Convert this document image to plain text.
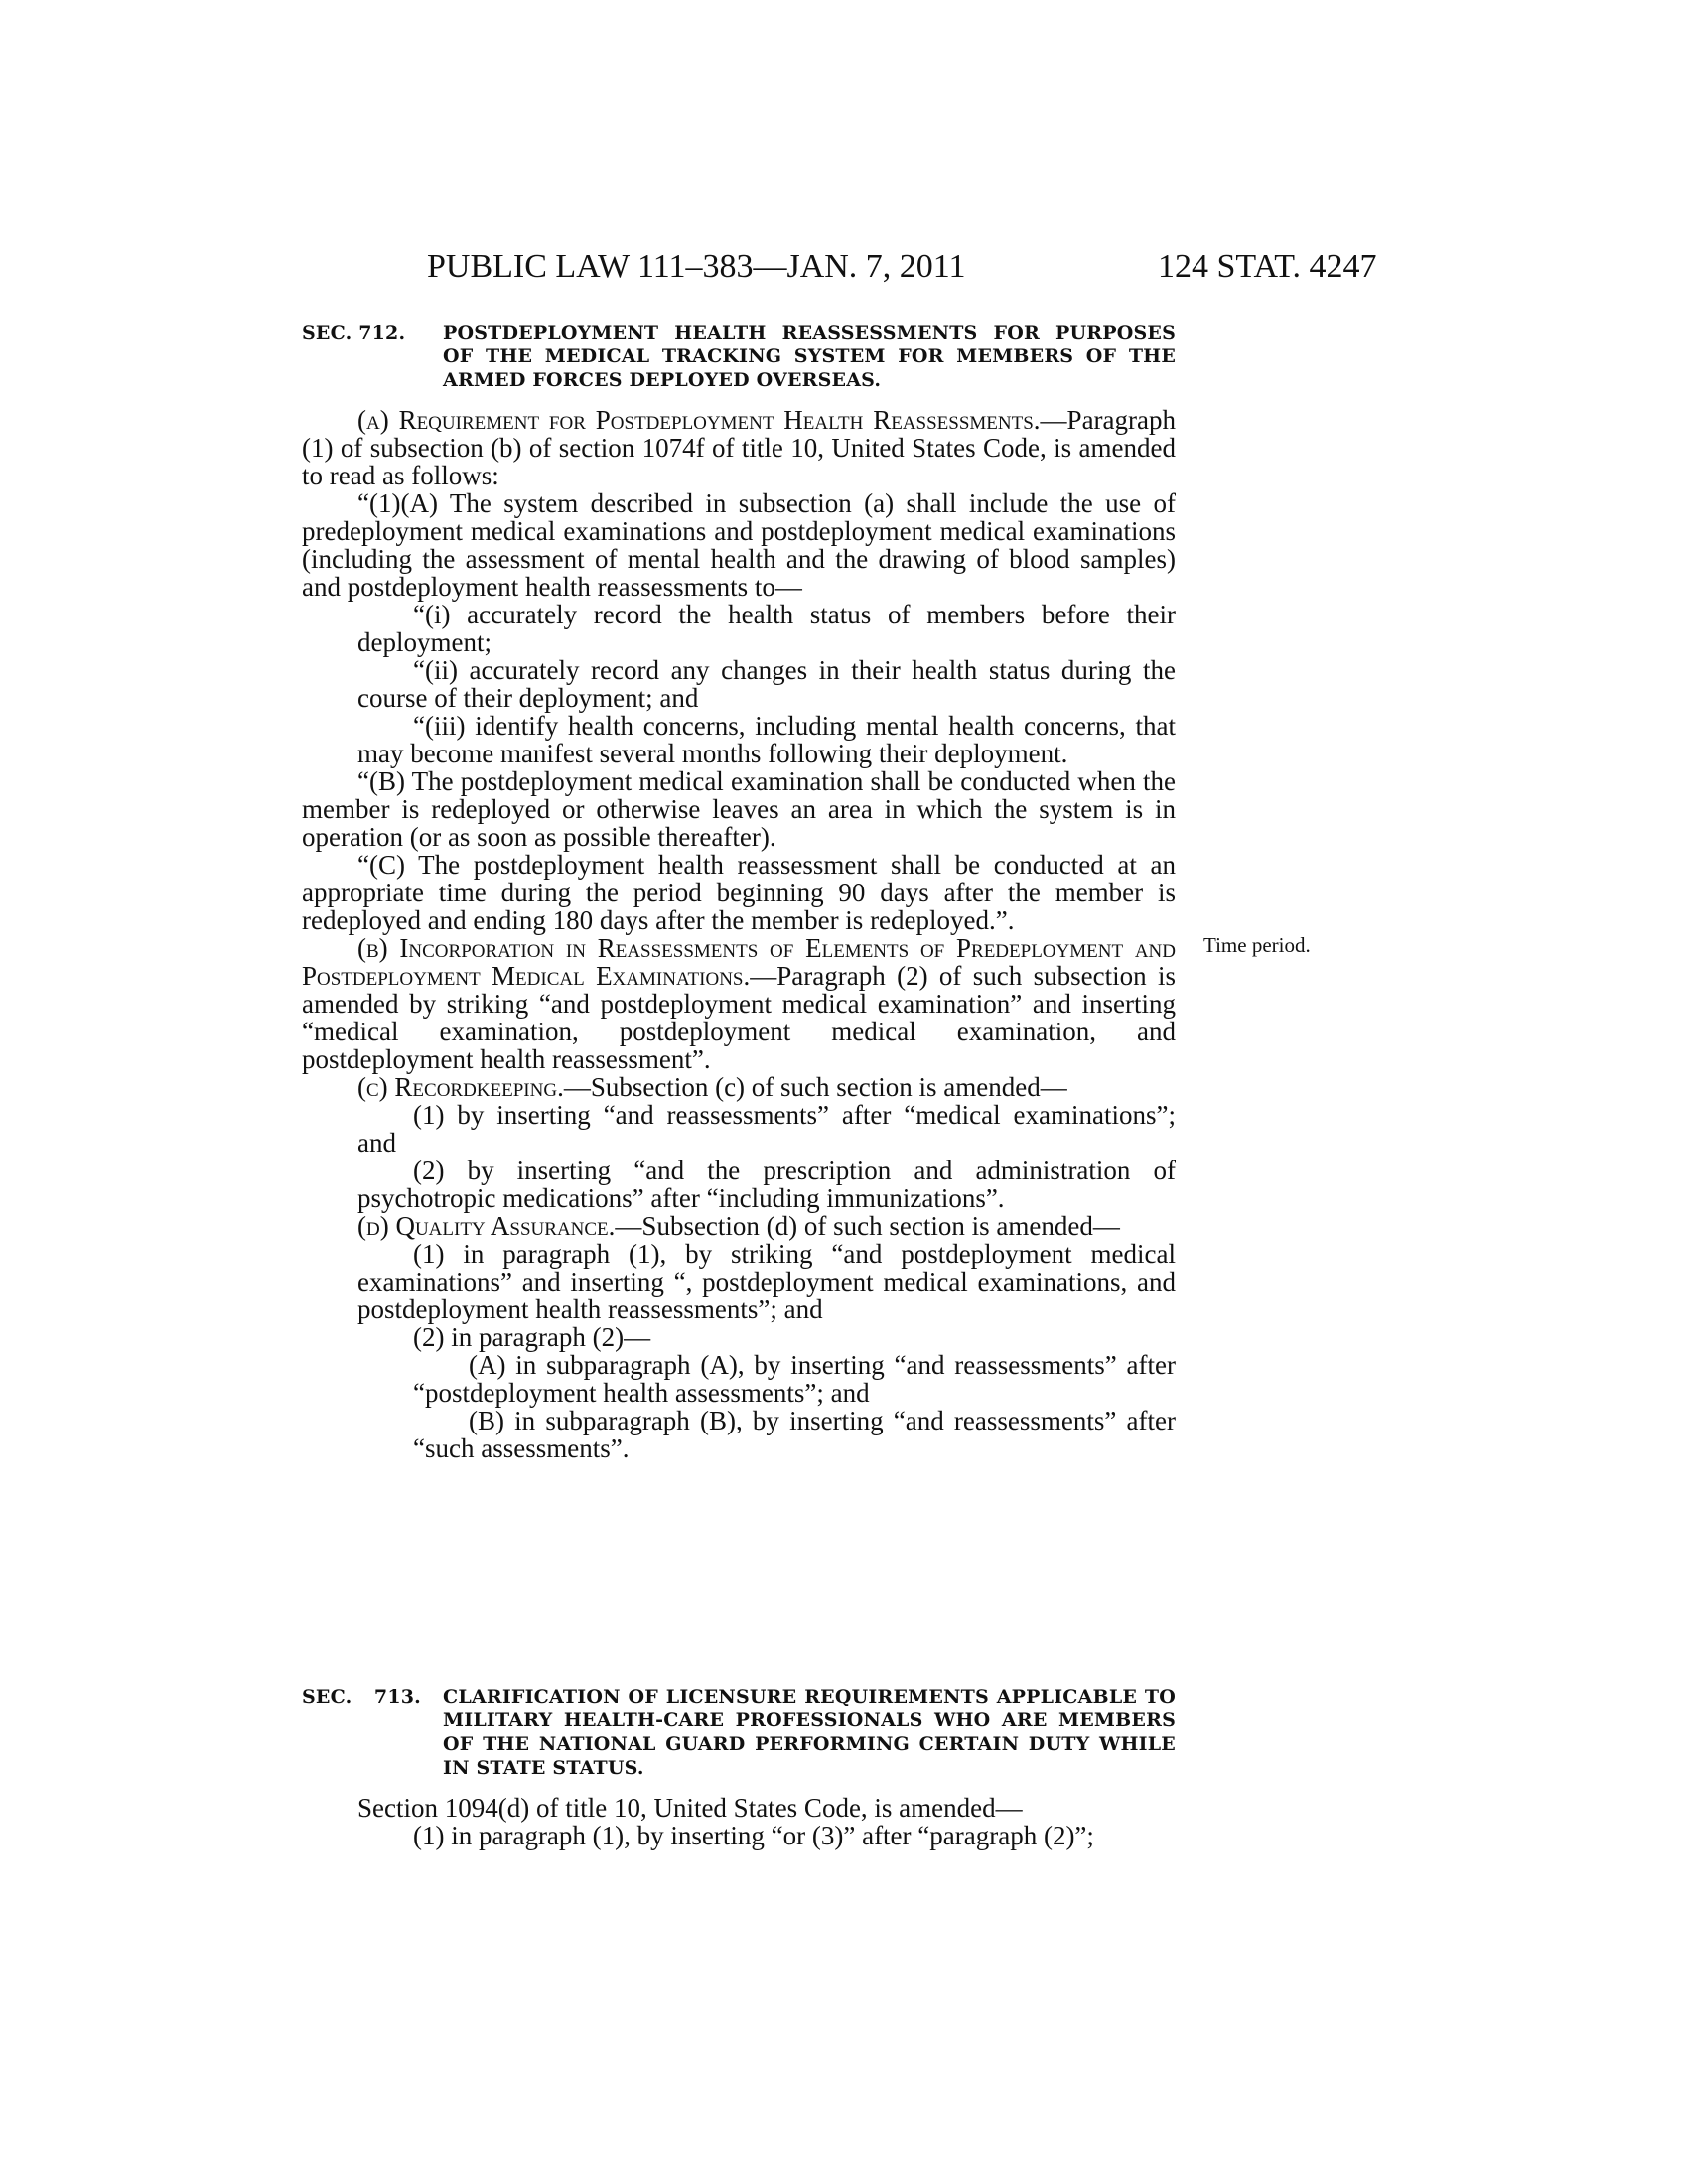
PUBLIC LAW 111–383—JAN. 7, 2011	124 STAT. 4247
SEC. 712.	POSTDEPLOYMENT HEALTH REASSESSMENTS FOR PURPOSES OF THE MEDICAL TRACKING SYSTEM FOR MEMBERS OF THE ARMED FORCES DEPLOYED OVERSEAS.

(a) Requirement for Postdeployment Health Reassessments.—Paragraph (1) of subsection (b) of section 1074f of title 10, United States Code, is amended to read as follows:

“(1)(A) The system described in subsection (a) shall include the use of predeployment medical examinations and postdeployment medical examinations (including the assessment of mental health and the drawing of blood samples) and postdeployment health reassessments to—

“(i) accurately record the health status of members before their deployment;

“(ii) accurately record any changes in their health status during the course of their deployment; and

“(iii) identify health concerns, including mental health concerns, that may become manifest several months following their deployment.

“(B) The postdeployment medical examination shall be conducted when the member is redeployed or otherwise leaves an area in which the system is in operation (or as soon as possible thereafter).

“(C) The postdeployment health reassessment shall be conducted at an appropriate time during the period beginning 90 days after the member is redeployed and ending 180 days after the member is redeployed.”.

(b) Incorporation in Reassessments of Elements of Predeployment and Postdeployment Medical Examinations.—Paragraph (2) of such subsection is amended by striking “and postdeployment medical examination” and inserting “medical examination, postdeployment medical examination, and postdeployment health reassessment”.

(c) Recordkeeping.—Subsection (c) of such section is amended—

(1) by inserting “and reassessments” after “medical examinations”; and

(2) by inserting “and the prescription and administration of psychotropic medications” after “including immunizations”.

(d) Quality Assurance.—Subsection (d) of such section is amended—

(1) in paragraph (1), by striking “and postdeployment medical examinations” and inserting “, postdeployment medical examinations, and postdeployment health reassessments”; and

(2) in paragraph (2)—

(A) in subparagraph (A), by inserting “and reassessments” after “postdeployment health assessments”; and

(B) in subparagraph (B), by inserting “and reassessments” after “such assessments”.

SEC. 713. CLARIFICATION OF LICENSURE REQUIREMENTS APPLICABLE TO MILITARY HEALTH-CARE PROFESSIONALS WHO ARE MEMBERS OF THE NATIONAL GUARD PERFORMING CERTAIN DUTY WHILE IN STATE STATUS.

Section 1094(d) of title 10, United States Code, is amended—

(1) in paragraph (1), by inserting “or (3)” after “paragraph (2)”;

Time period.
